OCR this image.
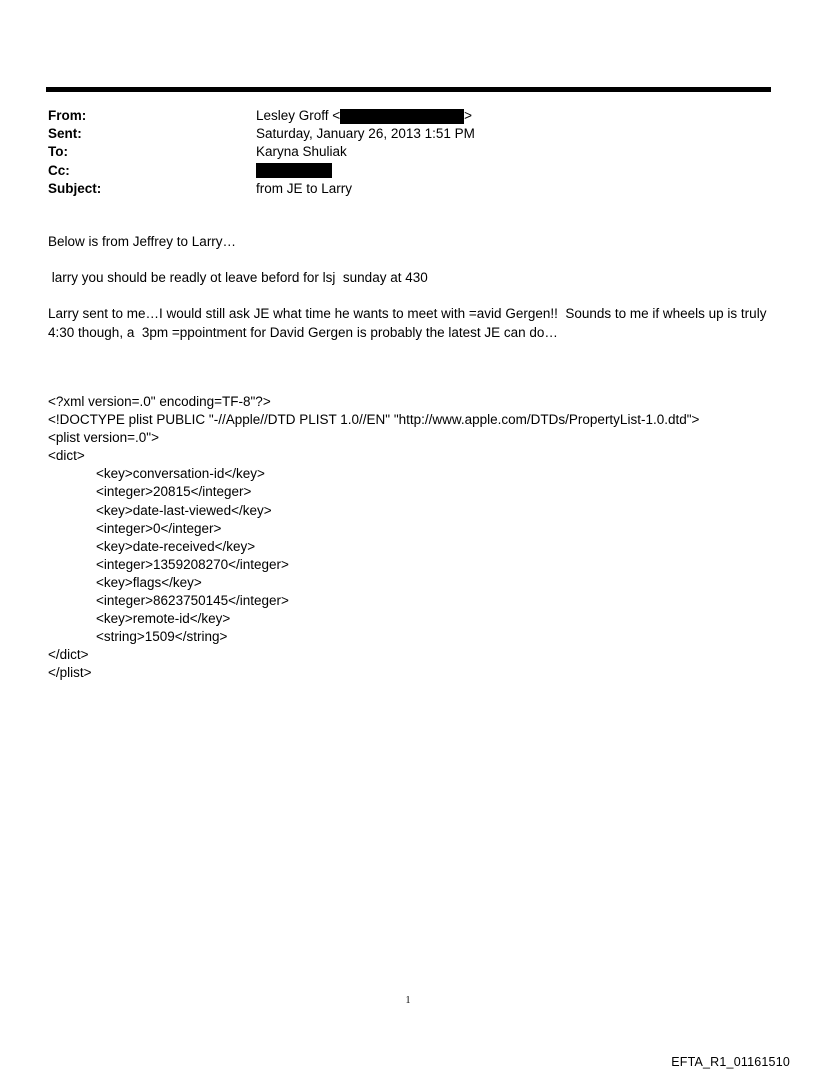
From:	Lesley Groff <	>
Sent:	Saturday, January 26, 2013 1:51 PM
To:	Karyna Shuliak
Cc:
Subject:	from JE to Larry

Below is from Jeffrey to Larry…

larry you should be readly ot leave beford for lsj  sunday at 430

Larry sent to me…I would still ask JE what time he wants to meet with =avid Gergen!!  Sounds to me if wheels up is truly

4:30 though, a  3pm =ppointment for David Gergen is probably the latest JE can do…

<?xml version=.0" encoding=TF-8"?>
<!DOCTYPE plist PUBLIC "-//Apple//DTD PLIST 1.0//EN" "http://www.apple.com/DTDs/PropertyList-1.0.dtd">
<plist version=.0">
<dict>
<key>conversation-id</key>
<integer>20815</integer>
<key>date-last-viewed</key>
<integer>0</integer>
<key>date-received</key>
<integer>1359208270</integer>
<key>flags</key>
<integer>8623750145</integer>
<key>remote-id</key>
<string>1509</string>
</dict>
</plist>
1
EFTA_R1_01161510
